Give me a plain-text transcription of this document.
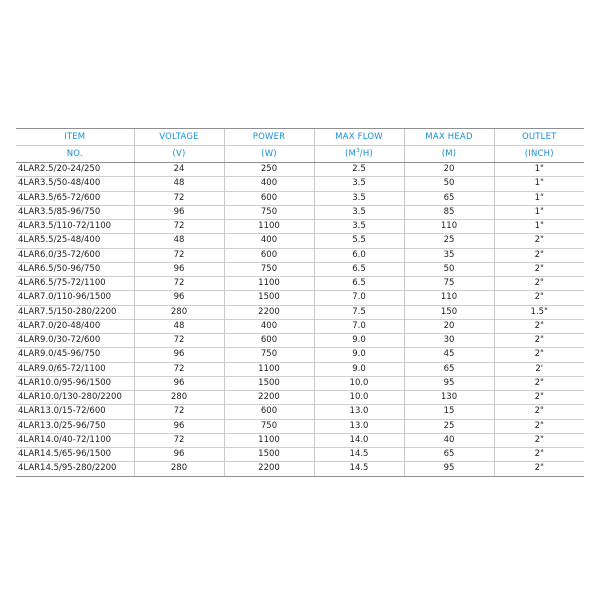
ITEM	VOLTAGE	POWER	MAX FLOW	MAX HEAD	OUTLET
NO.	(V)	(W)	$(M^3/H)$	(M)	(INCH)
4LAR2.5/20-24/250	24	250	2.5	20	1"
4LAR3.5/50-48/400	48	400	3.5	50	1"
4LAR3.5/65-72/600	72	600	3.5	65	1"
4LAR3.5/85-96/750	96	750	3.5	85	1"
4LAR3.5/110-72/1100	72	1100	3.5	110	1"
4LAR5.5/25-48/400	48	400	5.5	25	2"
4LAR6.0/35-72/600	72	600	6.0	35	2"
4LAR6.5/50-96/750	96	750	6.5	50	2"
4LAR6.5/75-72/1100	72	1100	6.5	75	2"
4LAR7.0/110-96/1500	96	1500	7.0	110	2"
4LAR7.5/150-280/2200	280	2200	7.5	150	1.5"
4LAR7.0/20-48/400	48	400	7.0	20	2"
4LAR9.0/30-72/600	72	600	9.0	30	2"
4LAR9.0/45-96/750	96	750	9.0	45	2"
4LAR9.0/65-72/1100	72	1100	9.0	65	2'
4LAR10.0/95-96/1500	96	1500	10.0	95	2"
4LAR10.0/130-280/2200	280	2200	10.0	130	2"
4LAR13.0/15-72/600	72	600	13.0	15	2"
4LAR13.0/25-96/750	96	750	13.0	25	2"
4LAR14.0/40-72/1100	72	1100	14.0	40	2"
4LAR14.5/65-96/1500	96	1500	14.5	65	2"
4LAR14.5/95-280/2200	280	2200	14.5	95	2"
